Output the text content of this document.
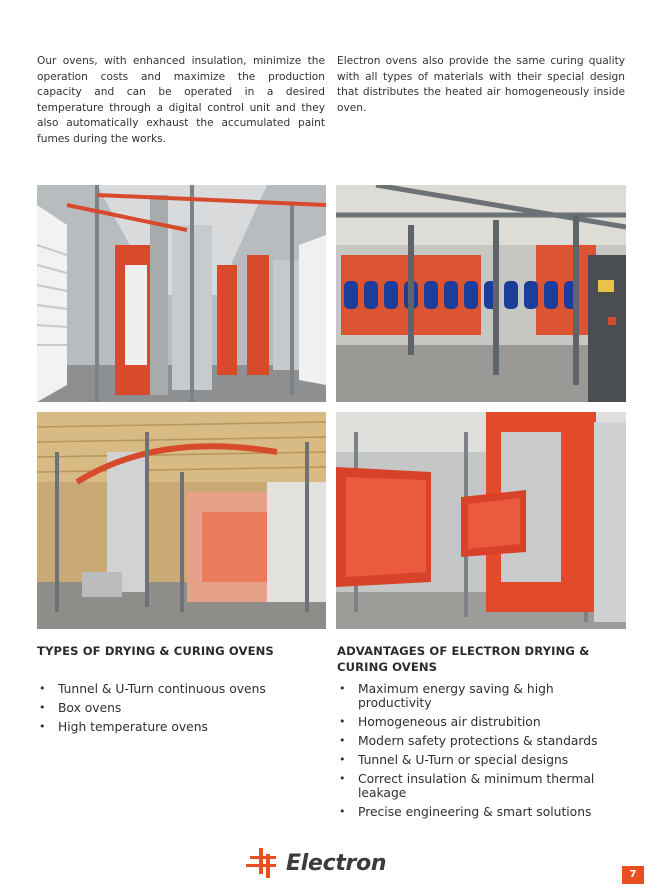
Our ovens, with enhanced insulation, minimize the operation costs and maximize the production capacity and can be operated in a desired temperature through a digital control unit and they also automatically exhaust the accumulated paint fumes during the works.

Electron ovens also provide the same curing quality with all types of materials with their special design that distributes the heated air homogeneously inside oven.

TYPES OF DRYING & CURING OVENS	ADVANTAGES OF ELECTRON DRYING & CURING OVENS
• Tunnel & U-Turn continuous ovens
• Box ovens
• High temperature ovens
• Maximum energy saving & high productivity
• Homogeneous air distrubition
• Modern safety protections & standards
• Tunnel & U-Turn or special designs
• Correct insulation & minimum thermal leakage
• Precise engineering & smart solutions
Electron	7
